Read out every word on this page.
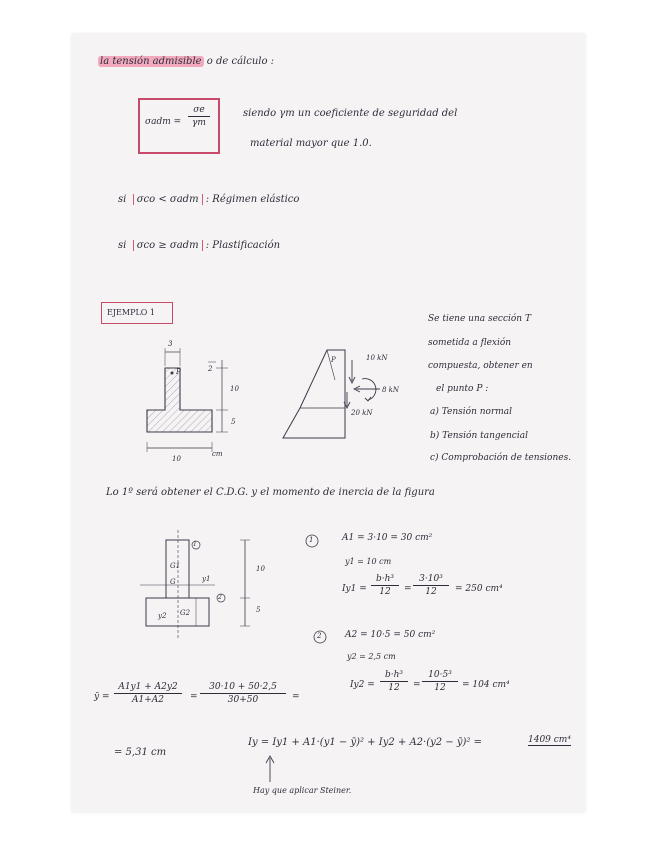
la tensión admisible o de cálculo :
$\sigma adm = \frac{\sigma e}{\gamma m}$	siendo γm un coeficiente de seguridad del
material mayor que 1.0.
si σco < σadm : Régimen elástico
si σco ≥ σadm : Plastificación
EJEMPLO 1
Se tiene una sección T
sometida a flexión
compuesta, obtener en
el punto P :
a) Tensión normal
b) Tensión tangencial
c) Comprobación de tensiones.
3
P	2
10
5
10
cm
P	10 kN
8 kN
20 kN
Lo 1º será obtener el C.D.G. y el momento de inercia de la figura
1
2
G1
G
G2
y1
y2
10
5
1	A1 = 3·10 = 30 cm²
y1 = 10 cm
$Iy1 = \frac{\text{b·h³}}{12} = \frac{\text{3·10³}}{12} = 250$ cm⁴
2	A2 = 10·5 = 50 cm²
y2 = 2,5 cm
$Iy2 = \frac{\text{b·h³}}{12} = \frac{\text{10·5³}}{12} = 104$ cm⁴
ȳ = $\frac{A1y1 + A2y2}{A1+A2} = \frac{30\cdot 10 + 50\cdot 2,5}{30+50}$ =
= 5,31 cm
Iy = Iy1 + A1·(y1 − ȳ)² + Iy2 + A2·(y2 − ȳ)² =	1409 cm⁴
Hay que aplicar Steiner.
